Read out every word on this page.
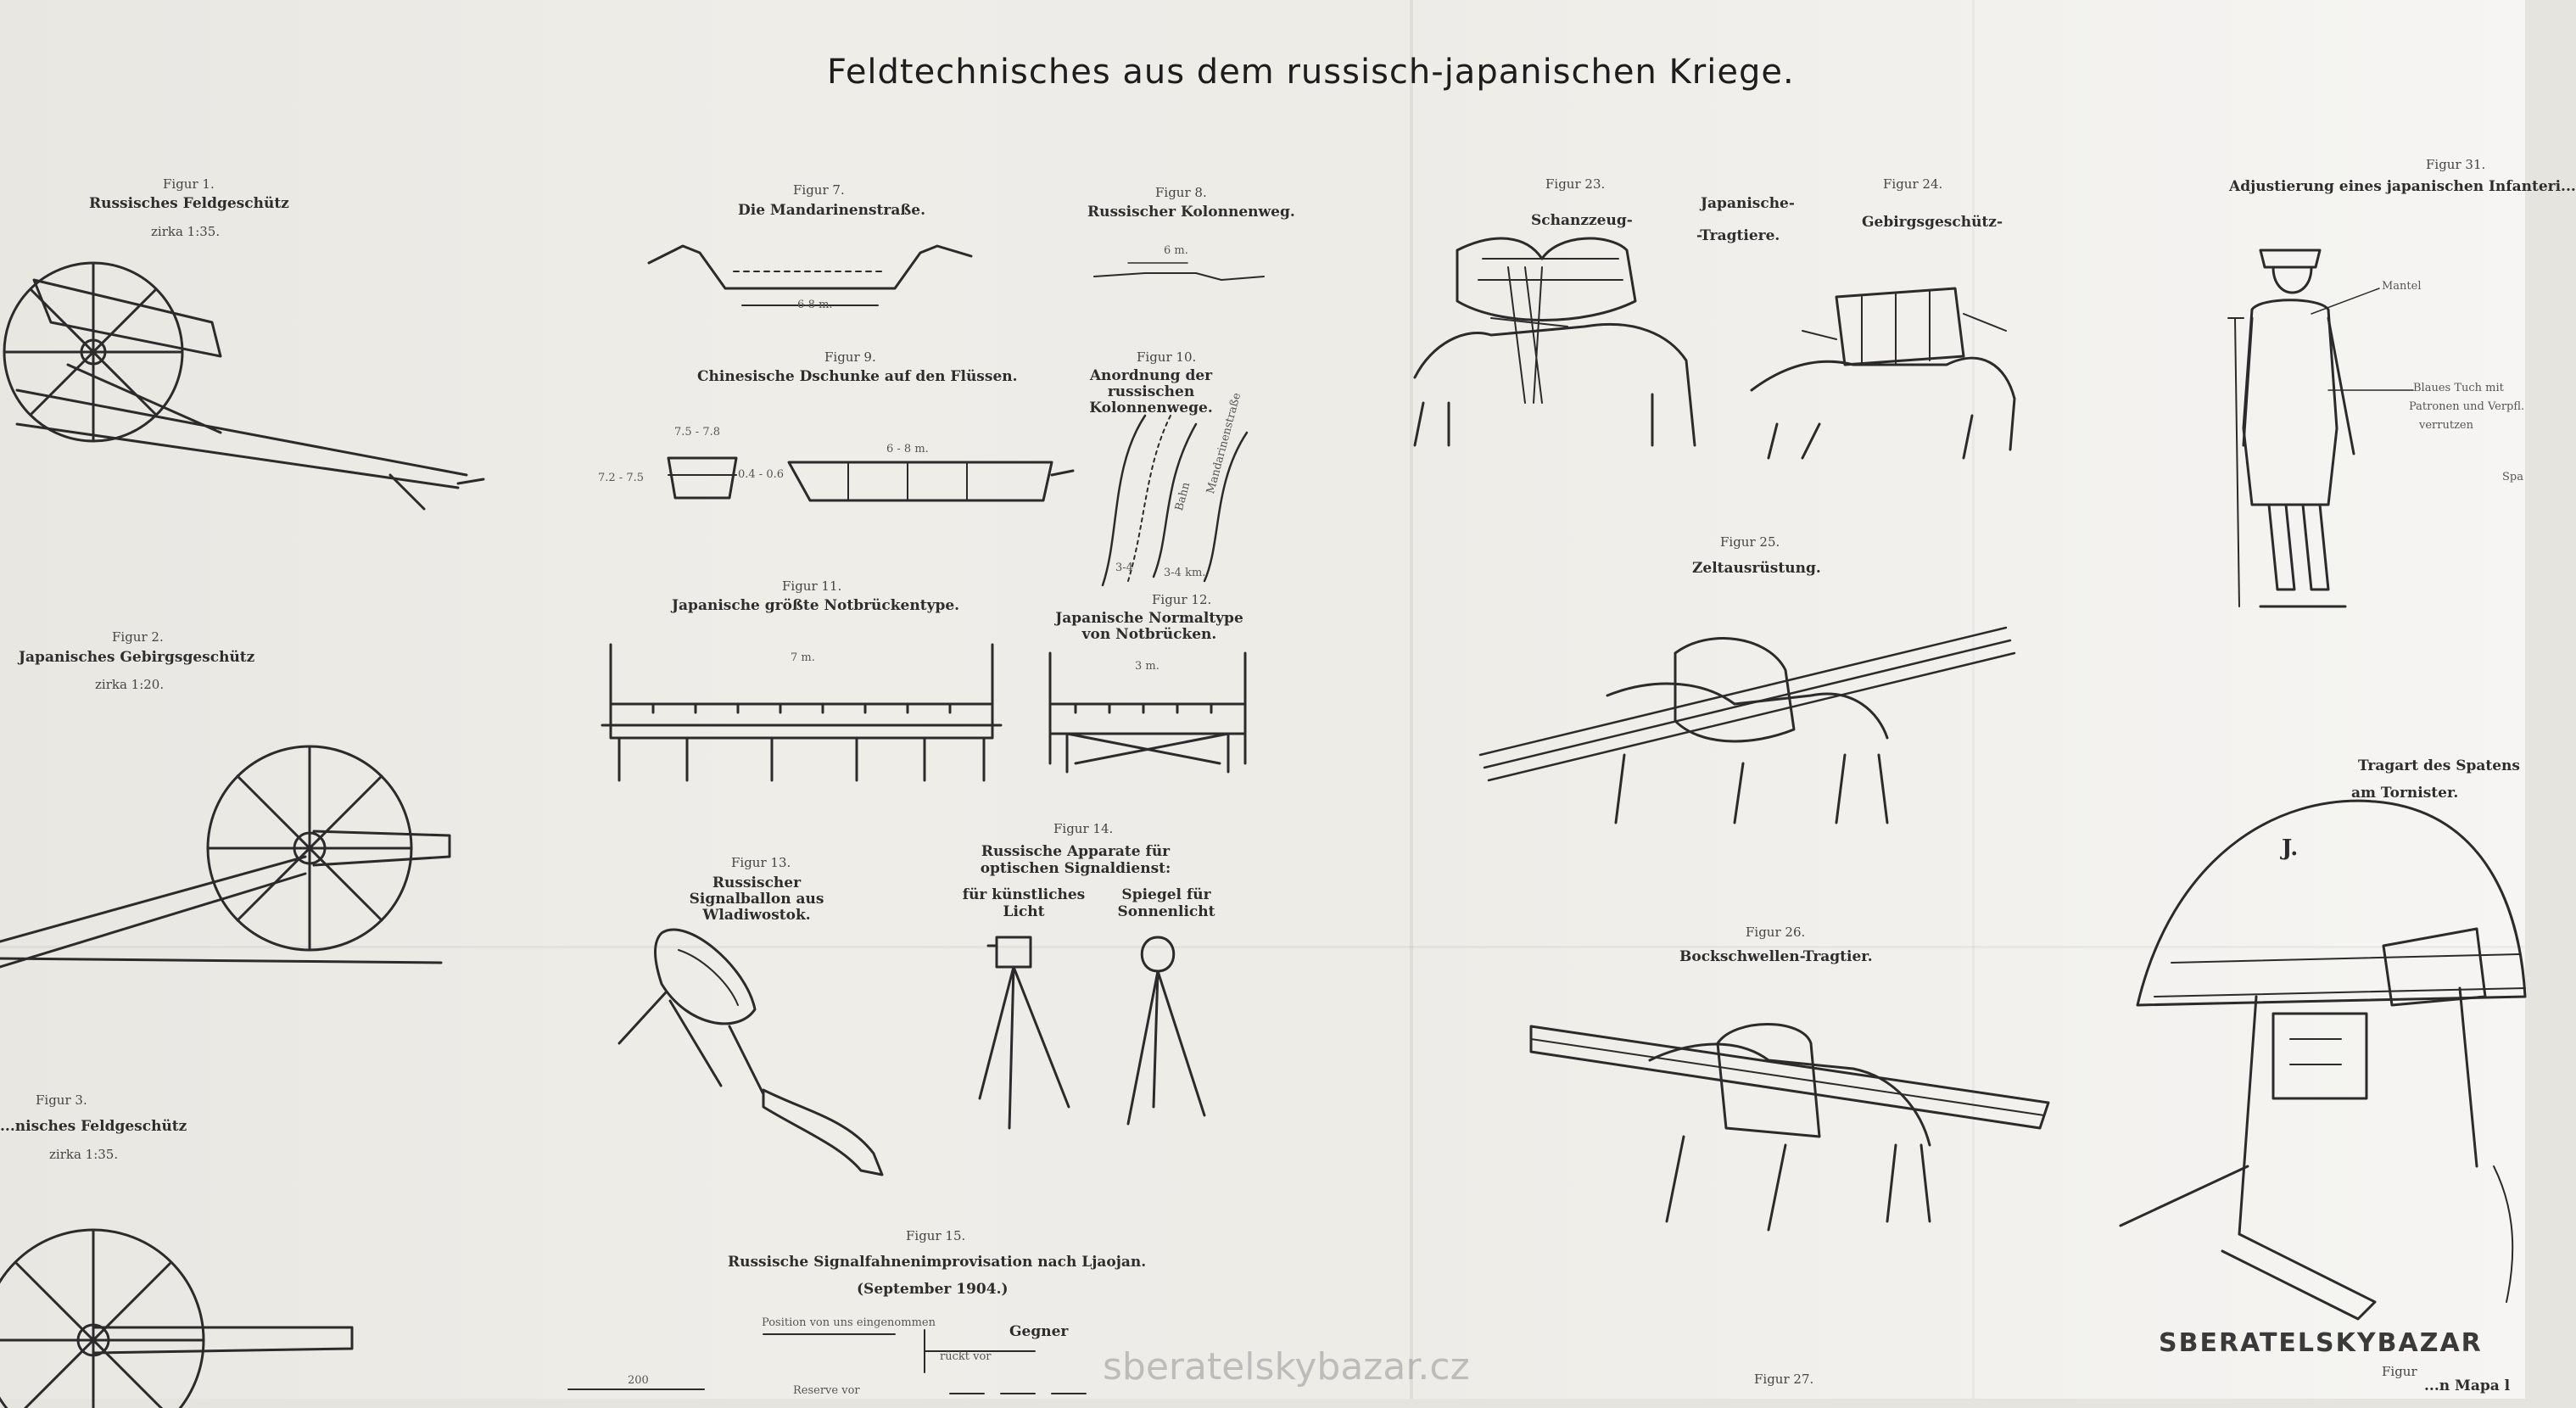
Feldtechnisches aus dem russisch-japanischen Kriege.
Figur 1.
Russisches Feldgeschütz
zirka 1:35.
Figur 2.
Japanisches Gebirgsgeschütz
zirka 1:20.
Figur 3.
...nisches Feldgeschütz
zirka 1:35.
Figur 7.
Die Mandarinenstraße.
6-8 m.
Figur 8.
Russischer Kolonnenweg.
6 m.
Figur 9.
Chinesische Dschunke auf den Flüssen.
7.5 - 7.8
7.2 - 7.5	0.4 - 0.6
6 - 8 m.
Figur 10.
Anordnung der russischen Kolonnenwege.
Mandarinenstraße
Bahn
3-4	3-4 km.
Figur 11.
Japanische größte Notbrückentype.
7 m.
Figur 12.
Japanische Normaltype von Notbrücken.
3 m.
Figur 13.
Russischer Signalballon aus Wladiwostok.
Figur 14.
Russische Apparate für optischen Signaldienst:
für künstliches Licht
Spiegel für Sonnenlicht
Figur 15.
Russische Signalfahnenimprovisation nach Ljaojan.
(September 1904.)
Position von uns eingenommen
rückt vor
Gegner
Reserve vor
200
Figur 23.
Schanzzeug-
Japanische-
-Tragtiere.
Figur 24.
Gebirgsgeschütz-
Figur 25.
Zeltausrüstung.
Figur 26.
Bockschwellen-Tragtier.
Figur 27.
Figur 31.
Adjustierung eines japanischen Infanteri...
Mantel
Blaues Tuch mit
Patronen und Verpfl.
verrutzen
Spa
Tragart des Spatens
am Tornister.
J.
Figur
...n Mapa l
sberatelskybazar.cz
SBERATELSKYBAZAR
